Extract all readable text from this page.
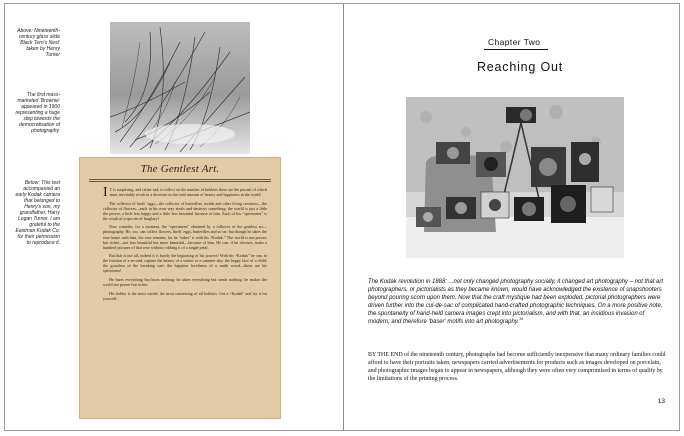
Above: Nineteenth-century glass slide ‘Black Tern’s Nest’ taken by Henry Turner
The first mass-marketed ‘Brownie’ appeared in 1900 representing a huge step towards the democratisation of photography.
Below: This text accompanied an early Kodak camera that belonged to Henry’s son, my grandfather, Harry Logan Turner. I am grateful to the Eastman Kodak Co. for their permission to reproduce it.
The Gentlest Art.

I T is surprising, and rather sad, to reflect on the number of hobbies there are the pursuit of which must inevitably result in a decrease in the total amount of beauty and happiness in the world.

The collector of birds’ eggs—the collector of butterflies, moths and other living creatures—the collector of flowers—each in his own way steals and destroys something; the world is just a little the poorer, a little less happy and a little less beautiful because of him. Each of his “specimens” is the result of a species of burglary!

Now consider, for a moment, the “specimens” obtained by a follower of the gentlest art—photography. He, too, can collect flowers, birds’ eggs, butterflies and so on: but though he takes the rose home with him, the rose remains, for he “takes” it with his “Kodak.” The world is not poorer, but richer—not less beautiful but more beautiful—because of him. He can, if he chooses, make a hundred pictures of that rose without robbing it of a single petal.

But that is not all; indeed it is barely the beginning of his powers! With his “Kodak” he can, in the fraction of a second, capture the beauty of a winter or a summer day; the happy face of a child; the grandeur of the breaking surf; the happiest loveliness of a sunlit wood—these are his specimens!

He hurts everything but hurts nothing; he takes everything but steals nothing; he makes the world not poorer but richer.

His hobby is the most varied, the most interesting of all hobbies. Get a “Kodak” and try it for yourself.

Chapter Two
Reaching Out
The Kodak revolution in 1888: ...not only changed photography socially, it changed art photography – not that art photographers, or pictorialists as they became known, would have acknowledged the existence of snapshooters beyond pouring scorn upon them. Now that the craft mystique had been exploded, pictorial photographers were driven further into the cul-de-sac of complicated hand-crafted photographic techniques. On a more positive note, the spontaneity of hand-held camera images crept into pictorialism, and with that, an insidious invasion of modern, and therefore ‘baser’ motifs into art photography.$^{19}$
BY THE END of the nineteenth century, photographs had become sufficiently inexpensive that many ordinary families could afford to have their portraits taken, newspapers carried advertisements for products such as images developed on porcelain, and photographic images began to appear in newspapers, although they were often very compromised in terms of quality by the limitations of the printing process.
13
